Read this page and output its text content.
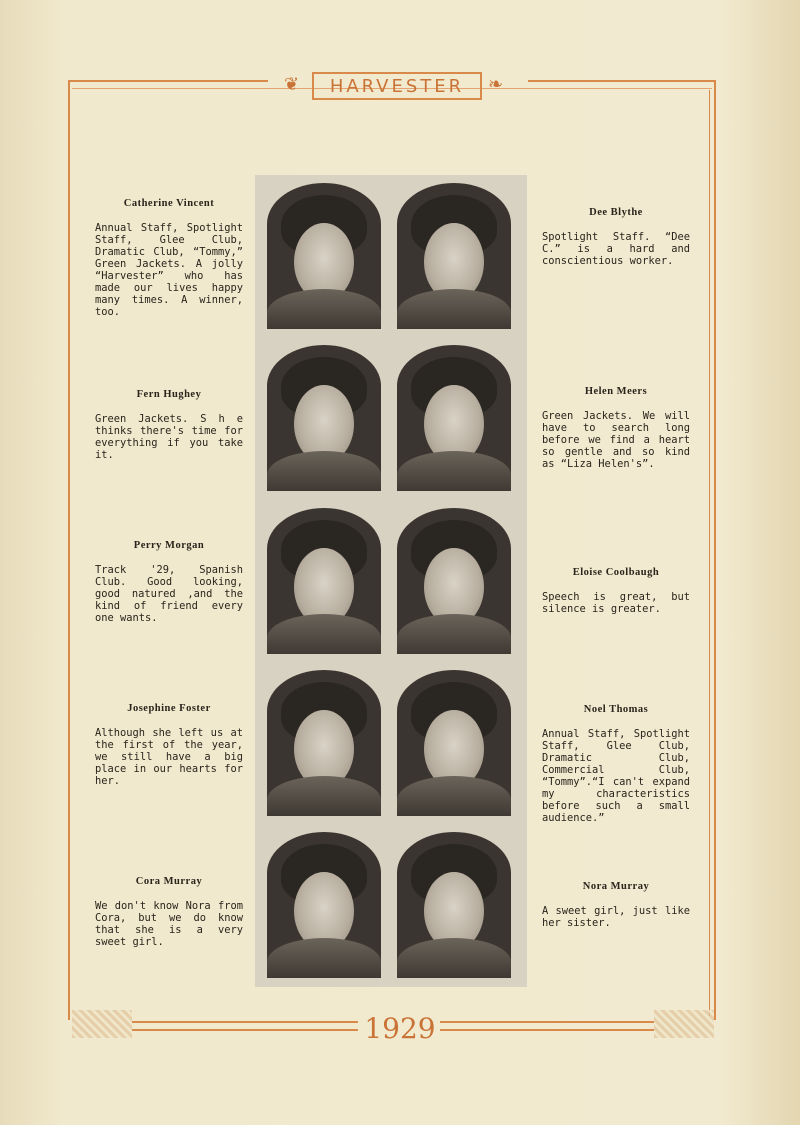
❦	HARVESTER	❧
Catherine Vincent
Annual Staff, Spotlight Staff, Glee Club, Dramatic Club, “Tommy,” Green Jackets. A jolly “Harvester” who has made our lives happy many times. A winner, too.
Fern Hughey
Green Jackets. S h e thinks there's time for everything if you take it.
Perry Morgan
Track '29, Spanish Club. Good looking, good natured ,and the kind of friend every one wants.
Josephine Foster
Although she left us at the first of the year, we still have a big place in our hearts for her.
Cora Murray
We don't know Nora from Cora, but we do know that she is a very sweet girl.
Dee Blythe
Spotlight Staff. “Dee C.” is a hard and conscientious worker.
Helen Meers
Green Jackets. We will have to search long before we find a heart so gentle and so kind as “Liza Helen's”.
Eloise Coolbaugh
Speech is great, but silence is greater.
Noel Thomas
Annual Staff, Spotlight Staff, Glee Club, Dramatic Club, Commercial Club, “Tommy”.“I can't expand my characteristics before such a small audience.”
Nora Murray
A sweet girl, just like her sister.
1929
